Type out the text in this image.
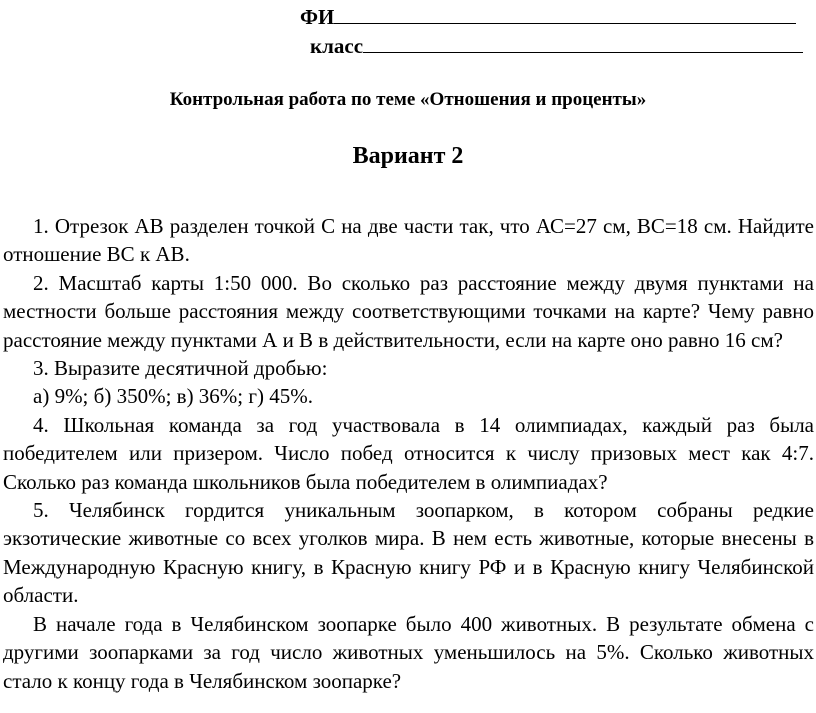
ФИ
класс
Контрольная работа по теме «Отношения и проценты»
Вариант 2

1. Отрезок АВ разделен точкой С на две части так, что АС=27 см, ВС=18 см. Найдите отношение ВС к АВ.

2. Масштаб карты 1:50 000. Во сколько раз расстояние между двумя пунктами на местности больше расстояния между соответствующими точками на карте? Чему равно расстояние между пунктами А и В в действительности, если на карте оно равно 16 см?

3. Выразите десятичной дробью:

а) 9%; б) 350%; в) 36%; г) 45%.

4. Школьная команда за год участвовала в 14 олимпиадах, каждый раз была победителем или призером. Число побед относится к числу призовых мест как 4:7. Сколько раз команда школьников была победителем в олимпиадах?

5. Челябинск гордится уникальным зоопарком, в котором собраны редкие экзотические животные со всех уголков мира. В нем есть животные, которые внесены в Международную Красную книгу, в Красную книгу РФ и в Красную книгу Челябинской области.

В начале года в Челябинском зоопарке было 400 животных. В результате обмена с другими зоопарками за год число животных уменьшилось на 5%. Сколько животных стало к концу года в Челябинском зоопарке?
